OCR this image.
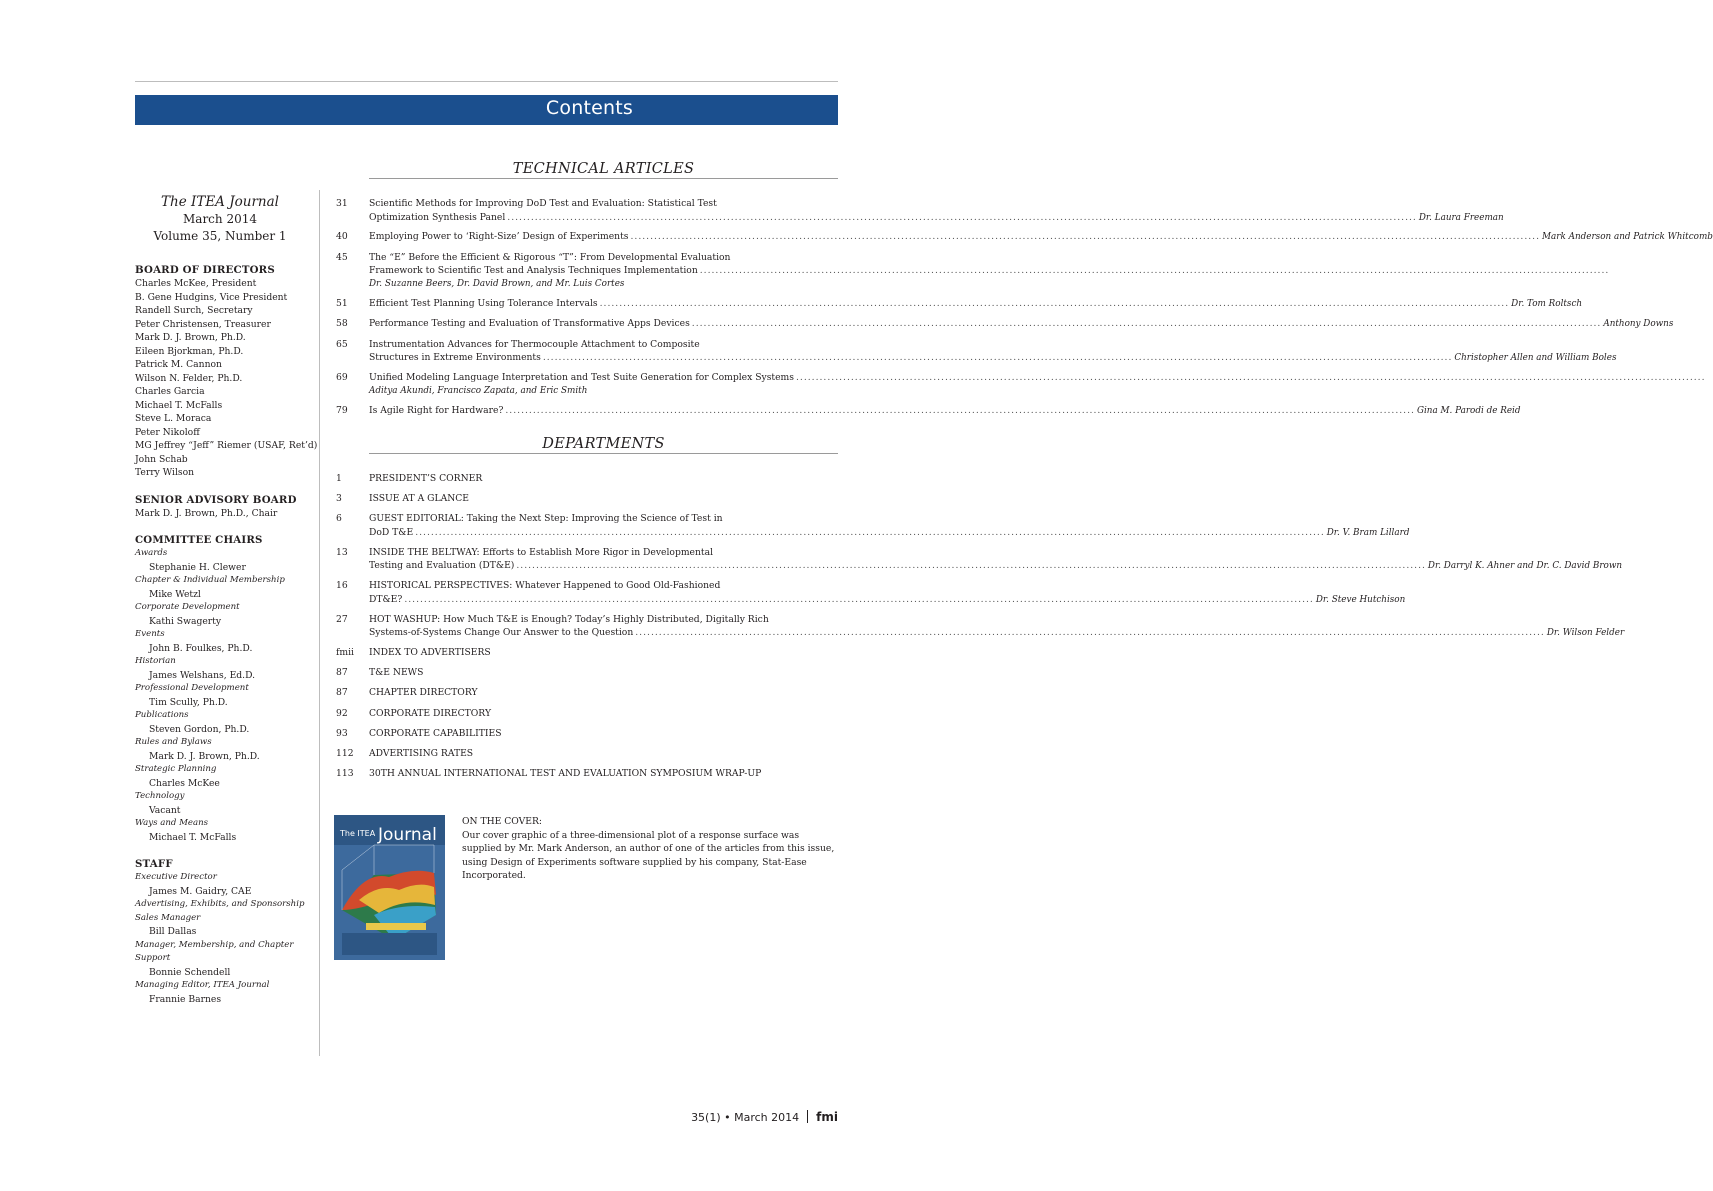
Contents
The ITEA Journal
March 2014
Volume 35, Number 1
BOARD OF DIRECTORS
Charles McKee, President
B. Gene Hudgins, Vice President
Randell Surch, Secretary
Peter Christensen, Treasurer
Mark D. J. Brown, Ph.D.
Eileen Bjorkman, Ph.D.
Patrick M. Cannon
Wilson N. Felder, Ph.D.
Charles Garcia
Michael T. McFalls
Steve L. Moraca
Peter Nikoloff
MG Jeffrey “Jeff” Riemer (USAF, Ret’d)
John Schab
Terry Wilson
SENIOR ADVISORY BOARD
Mark D. J. Brown, Ph.D., Chair
COMMITTEE CHAIRS
Awards
Stephanie H. Clewer
Chapter & Individual Membership
Mike Wetzl
Corporate Development
Kathi Swagerty
Events
John B. Foulkes, Ph.D.
Historian
James Welshans, Ed.D.
Professional Development
Tim Scully, Ph.D.
Publications
Steven Gordon, Ph.D.
Rules and Bylaws
Mark D. J. Brown, Ph.D.
Strategic Planning
Charles McKee
Technology
Vacant
Ways and Means
Michael T. McFalls
STAFF
Executive Director
James M. Gaidry, CAE
Advertising, Exhibits, and Sponsorship
Sales Manager
Bill Dallas
Manager, Membership, and Chapter
Support
Bonnie Schendell
Managing Editor, ITEA Journal
Frannie Barnes
TECHNICAL ARTICLES
31	Scientific Methods for Improving DoD Test and Evaluation: Statistical Test
Optimization Synthesis Panel .....	Dr. Laura Freeman
40	Employing Power to ‘Right-Size’ Design of Experiments .....	Mark Anderson and Patrick Whitcomb
45	The “E” Before the Efficient & Rigorous “T”: From Developmental Evaluation
Framework to Scientific Test and Analysis Techniques Implementation.....
Dr. Suzanne Beers, Dr. David Brown, and Mr. Luis Cortes
51	Efficient Test Planning Using Tolerance Intervals .....	Dr. Tom Roltsch
58	Performance Testing and Evaluation of Transformative Apps Devices .....	Anthony Downs
65	Instrumentation Advances for Thermocouple Attachment to Composite
Structures in Extreme Environments .....	Christopher Allen and William Boles
69	Unified Modeling Language Interpretation and Test Suite Generation for Complex Systems.....
Aditya Akundi, Francisco Zapata, and Eric Smith
79	Is Agile Right for Hardware? .....	Gina M. Parodi de Reid
DEPARTMENTS
1	PRESIDENT’S CORNER
3	ISSUE AT A GLANCE
6	GUEST EDITORIAL: Taking the Next Step: Improving the Science of Test in
DoD T&E .....	Dr. V. Bram Lillard
13	INSIDE THE BELTWAY: Efforts to Establish More Rigor in Developmental
Testing and Evaluation (DT&E) .....	Dr. Darryl K. Ahner and Dr. C. David Brown
16	HISTORICAL PERSPECTIVES: Whatever Happened to Good Old-Fashioned
DT&E? .....	Dr. Steve Hutchison
27	HOT WASHUP: How Much T&E is Enough? Today’s Highly Distributed, Digitally Rich
Systems-of-Systems Change Our Answer to the Question .....	Dr. Wilson Felder
fmii	INDEX TO ADVERTISERS
87	T&E NEWS
87	CHAPTER DIRECTORY
92	CORPORATE DIRECTORY
93	CORPORATE CAPABILITIES
112	ADVERTISING RATES
113	30TH ANNUAL INTERNATIONAL TEST AND EVALUATION SYMPOSIUM WRAP-UP
The ITEA Journal
ON THE COVER:
Our cover graphic of a three-dimensional plot of a response surface was supplied by Mr. Mark Anderson, an author of one of the articles from this issue, using Design of Experiments software supplied by his company, Stat-Ease Incorporated.
35(1) • March 2014 fmi
